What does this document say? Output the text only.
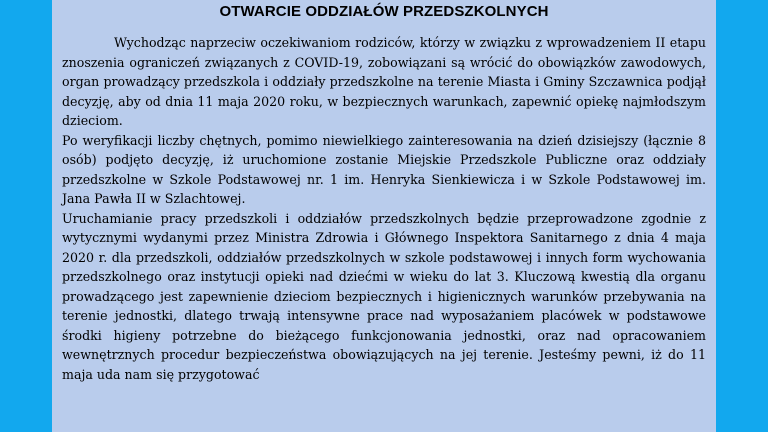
OTWARCIE ODDZIAŁÓW PRZEDSZKOLNYCH

Wychodząc naprzeciw oczekiwaniom rodziców, którzy w związku z wprowadzeniem II etapu znoszenia ograniczeń związanych z COVID-19, zobowiązani są wrócić do obowiązków zawodowych, organ prowadzący przedszkola i oddziały przedszkolne na terenie Miasta i Gminy Szczawnica podjął decyzję, aby od dnia 11 maja 2020 roku, w bezpiecznych warunkach, zapewnić opiekę najmłodszym dzieciom.

Po weryfikacji liczby chętnych, pomimo niewielkiego zainteresowania na dzień dzisiejszy (łącznie 8 osób) podjęto decyzję, iż uruchomione zostanie Miejskie Przedszkole Publiczne oraz oddziały przedszkolne w Szkole Podstawowej nr. 1 im. Henryka Sienkiewicza i w Szkole Podstawowej im. Jana Pawła II w Szlachtowej.

Uruchamianie pracy przedszkoli i oddziałów przedszkolnych będzie przeprowadzone zgodnie z wytycznymi wydanymi przez Ministra Zdrowia i Głównego Inspektora Sanitarnego z dnia 4 maja 2020 r. dla przedszkoli, oddziałów przedszkolnych w szkole podstawowej i innych form wychowania przedszkolnego oraz instytucji opieki nad dziećmi w wieku do lat 3. Kluczową kwestią dla organu prowadzącego jest zapewnienie dzieciom bezpiecznych i higienicznych warunków przebywania na terenie jednostki, dlatego trwają intensywne prace nad wyposażaniem placówek w podstawowe środki higieny potrzebne do bieżącego funkcjonowania jednostki, oraz nad opracowaniem wewnętrznych procedur bezpieczeństwa obowiązujących na jej terenie. Jesteśmy pewni, iż do 11 maja uda nam się przygotować
